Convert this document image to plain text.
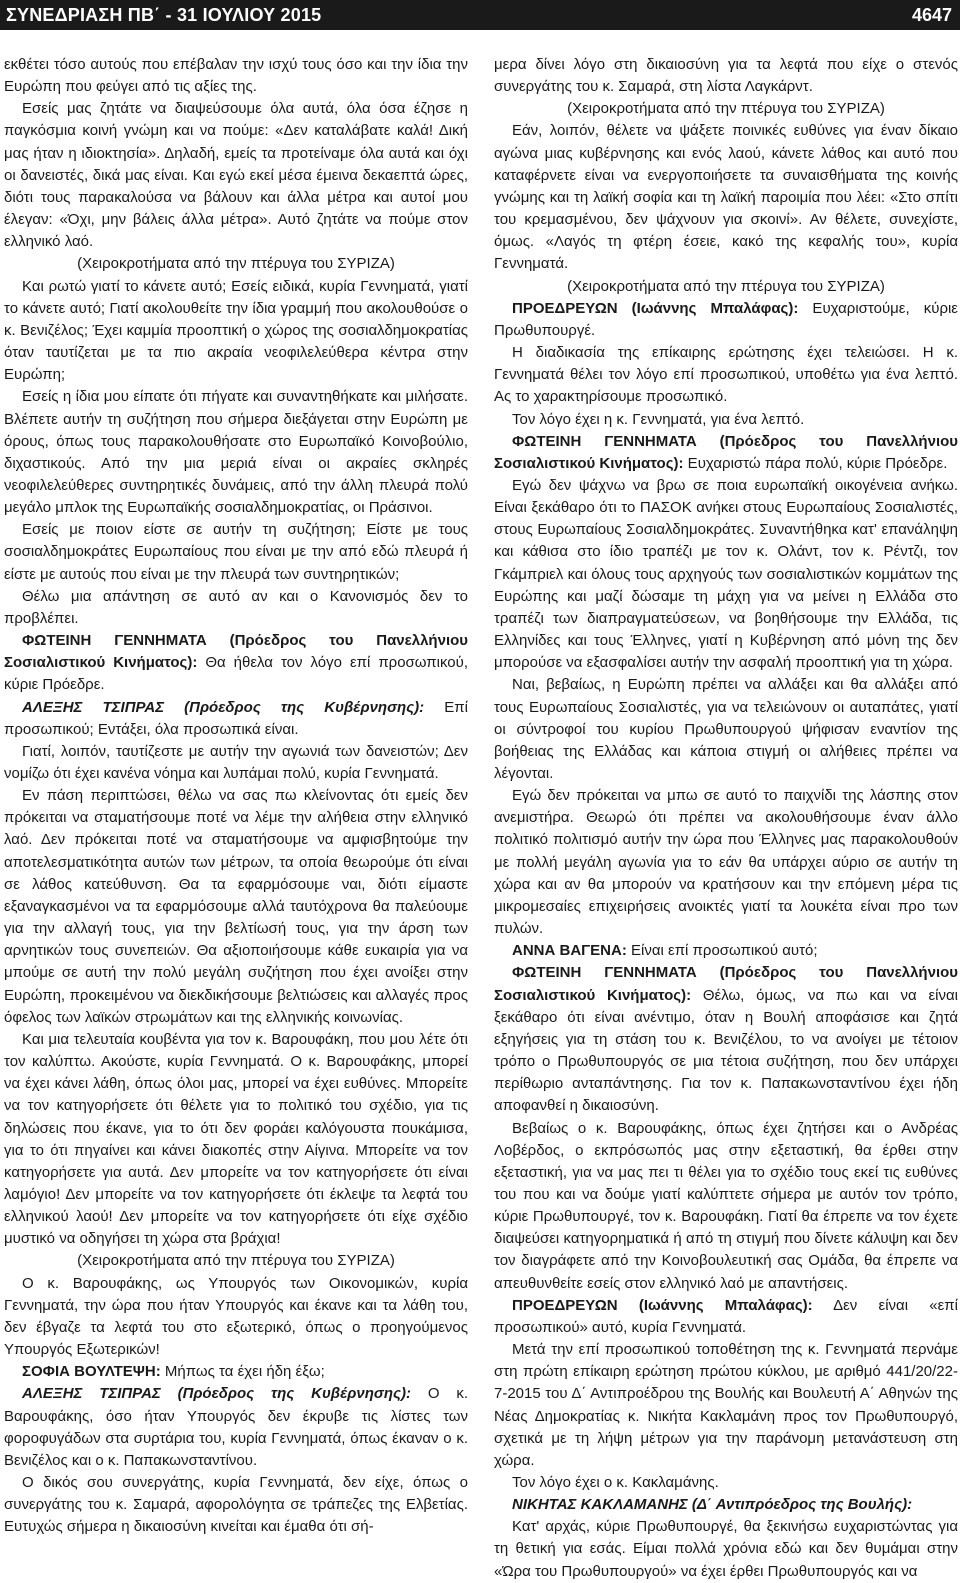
ΣΥΝΕΔΡΙΑΣΗ ΠΒ΄ - 31 ΙΟΥΛΙΟΥ 2015	4647

εκθέτει τόσο αυτούς που επέβαλαν την ισχύ τους όσο και την ίδια την Ευρώπη που φεύγει από τις αξίες της.

Εσείς μας ζητάτε να διαψεύσουμε όλα αυτά, όλα όσα έζησε η παγκόσμια κοινή γνώμη και να πούμε: «Δεν καταλάβατε καλά! Δική μας ήταν η ιδιοκτησία». Δηλαδή, εμείς τα προτείναμε όλα αυτά και όχι οι δανειστές, δικά μας είναι. Και εγώ εκεί μέσα έμεινα δεκαεπτά ώρες, διότι τους παρακαλούσα να βάλουν και άλλα μέτρα και αυτοί μου έλεγαν: «Όχι, μην βάλεις άλλα μέτρα». Αυτό ζητάτε να πούμε στον ελληνικό λαό.

(Χειροκροτήματα από την πτέρυγα του ΣΥΡΙΖΑ)

Και ρωτώ γιατί το κάνετε αυτό; Εσείς ειδικά, κυρία Γεννηματά, γιατί το κάνετε αυτό; Γιατί ακολουθείτε την ίδια γραμμή που ακολουθούσε ο κ. Βενιζέλος; Έχει καμμία προοπτική ο χώρος της σοσιαλδημοκρατίας όταν ταυτίζεται με τα πιο ακραία νεοφιλελεύθερα κέντρα στην Ευρώπη;

Εσείς η ίδια μου είπατε ότι πήγατε και συναντηθήκατε και μιλήσατε. Βλέπετε αυτήν τη συζήτηση που σήμερα διεξάγεται στην Ευρώπη με όρους, όπως τους παρακολουθήσατε στο Ευρωπαϊκό Κοινοβούλιο, διχαστικούς. Από την μια μεριά είναι οι ακραίες σκληρές νεοφιλελεύθερες συντηρητικές δυνάμεις, από την άλλη πλευρά πολύ μεγάλο μπλοκ της Ευρωπαϊκής σοσιαλδημοκρατίας, οι Πράσινοι.

Εσείς με ποιον είστε σε αυτήν τη συζήτηση; Είστε με τους σοσιαλδημοκράτες Ευρωπαίους που είναι με την από εδώ πλευρά ή είστε με αυτούς που είναι με την πλευρά των συντηρητικών;

Θέλω μια απάντηση σε αυτό αν και ο Κανονισμός δεν το προβλέπει.

ΦΩΤΕΙΝΗ ΓΕΝΝΗΜΑΤΑ (Πρόεδρος του Πανελλήνιου Σοσιαλιστικού Κινήματος): Θα ήθελα τον λόγο επί προσωπικού, κύριε Πρόεδρε.

ΑΛΕΞΗΣ ΤΣΙΠΡΑΣ (Πρόεδρος της Κυβέρνησης): Επί προσωπικού; Εντάξει, όλα προσωπικά είναι.

Γιατί, λοιπόν, ταυτίζεστε με αυτήν την αγωνιά των δανειστών; Δεν νομίζω ότι έχει κανένα νόημα και λυπάμαι πολύ, κυρία Γεννηματά.

Εν πάση περιπτώσει, θέλω να σας πω κλείνοντας ότι εμείς δεν πρόκειται να σταματήσουμε ποτέ να λέμε την αλήθεια στην ελληνικό λαό. Δεν πρόκειται ποτέ να σταματήσουμε να αμφισβητούμε την αποτελεσματικότητα αυτών των μέτρων, τα οποία θεωρούμε ότι είναι σε λάθος κατεύθυνση. Θα τα εφαρμόσουμε ναι, διότι είμαστε εξαναγκασμένοι να τα εφαρμόσουμε αλλά ταυτόχρονα θα παλεύουμε για την αλλαγή τους, για την βελτίωσή τους, για την άρση των αρνητικών τους συνεπειών. Θα αξιοποιήσουμε κάθε ευκαιρία για να μπούμε σε αυτή την πολύ μεγάλη συζήτηση που έχει ανοίξει στην Ευρώπη, προκειμένου να διεκδικήσουμε βελτιώσεις και αλλαγές προς όφελος των λαϊκών στρωμάτων και της ελληνικής κοινωνίας.

Και μια τελευταία κουβέντα για τον κ. Βαρουφάκη, που μου λέτε ότι τον καλύπτω. Ακούστε, κυρία Γεννηματά. Ο κ. Βαρουφάκης, μπορεί να έχει κάνει λάθη, όπως όλοι μας, μπορεί να έχει ευθύνες. Μπορείτε να τον κατηγορήσετε ότι θέλετε για το πολιτικό του σχέδιο, για τις δηλώσεις που έκανε, για το ότι δεν φοράει καλόγουστα πουκάμισα, για το ότι πηγαίνει και κάνει διακοπές στην Αίγινα. Μπορείτε να τον κατηγορήσετε για αυτά. Δεν μπορείτε να τον κατηγορήσετε ότι είναι λαμόγιο! Δεν μπορείτε να τον κατηγορήσετε ότι έκλεψε τα λεφτά του ελληνικού λαού! Δεν μπορείτε να τον κατηγορήσετε ότι είχε σχέδιο μυστικό να οδηγήσει τη χώρα στα βράχια!

(Χειροκροτήματα από την πτέρυγα του ΣΥΡΙΖΑ)

Ο κ. Βαρουφάκης, ως Υπουργός των Οικονομικών, κυρία Γεννηματά, την ώρα που ήταν Υπουργός και έκανε και τα λάθη του, δεν έβγαζε τα λεφτά του στο εξωτερικό, όπως ο προηγούμενος Υπουργός Εξωτερικών!

ΣΟΦΙΑ ΒΟΥΛΤΕΨΗ: Μήπως τα έχει ήδη έξω;

ΑΛΕΞΗΣ ΤΣΙΠΡΑΣ (Πρόεδρος της Κυβέρνησης): Ο κ. Βαρουφάκης, όσο ήταν Υπουργός δεν έκρυβε τις λίστες των φοροφυγάδων στα συρτάρια του, κυρία Γεννηματά, όπως έκαναν ο κ. Βενιζέλος και ο κ. Παπακωνσταντίνου.

Ο δικός σου συνεργάτης, κυρία Γεννηματά, δεν είχε, όπως ο συνεργάτης του κ. Σαμαρά, αφορολόγητα σε τράπεζες της Ελβετίας. Ευτυχώς σήμερα η δικαιοσύνη κινείται και έμαθα ότι σή-

μερα δίνει λόγο στη δικαιοσύνη για τα λεφτά που είχε ο στενός συνεργάτης του κ. Σαμαρά, στη λίστα Λαγκάρντ.

(Χειροκροτήματα από την πτέρυγα του ΣΥΡΙΖΑ)

Εάν, λοιπόν, θέλετε να ψάξετε ποινικές ευθύνες για έναν δίκαιο αγώνα μιας κυβέρνησης και ενός λαού, κάνετε λάθος και αυτό που καταφέρνετε είναι να ενεργοποιήσετε τα συναισθήματα της κοινής γνώμης και τη λαϊκή σοφία και τη λαϊκή παροιμία που λέει: «Στο σπίτι του κρεμασμένου, δεν ψάχνουν για σκοινί». Αν θέλετε, συνεχίστε, όμως. «Λαγός τη φτέρη έσειε, κακό της κεφαλής του», κυρία Γεννηματά.

(Χειροκροτήματα από την πτέρυγα του ΣΥΡΙΖΑ)

ΠΡΟΕΔΡΕΥΩΝ (Ιωάννης Μπαλάφας): Ευχαριστούμε, κύριε Πρωθυπουργέ.

Η διαδικασία της επίκαιρης ερώτησης έχει τελειώσει. Η κ. Γεννηματά θέλει τον λόγο επί προσωπικού, υποθέτω για ένα λεπτό. Ας το χαρακτηρίσουμε προσωπικό.

Τον λόγο έχει η κ. Γεννηματά, για ένα λεπτό.

ΦΩΤΕΙΝΗ ΓΕΝΝΗΜΑΤΑ (Πρόεδρος του Πανελλήνιου Σοσιαλιστικού Κινήματος): Ευχαριστώ πάρα πολύ, κύριε Πρόεδρε.

Εγώ δεν ψάχνω να βρω σε ποια ευρωπαϊκή οικογένεια ανήκω. Είναι ξεκάθαρο ότι το ΠΑΣΟΚ ανήκει στους Ευρωπαίους Σοσιαλιστές, στους Ευρωπαίους Σοσιαλδημοκράτες. Συναντήθηκα κατ' επανάληψη και κάθισα στο ίδιο τραπέζι με τον κ. Ολάντ, τον κ. Ρέντζι, τον Γκάμπριελ και όλους τους αρχηγούς των σοσιαλιστικών κομμάτων της Ευρώπης και μαζί δώσαμε τη μάχη για να μείνει η Ελλάδα στο τραπέζι των διαπραγματεύσεων, να βοηθήσουμε την Ελλάδα, τις Ελληνίδες και τους Έλληνες, γιατί η Κυβέρνηση από μόνη της δεν μπορούσε να εξασφαλίσει αυτήν την ασφαλή προοπτική για τη χώρα.

Ναι, βεβαίως, η Ευρώπη πρέπει να αλλάξει και θα αλλάξει από τους Ευρωπαίους Σοσιαλιστές, για να τελειώνουν οι αυταπάτες, γιατί οι σύντροφοί του κυρίου Πρωθυπουργού ψήφισαν εναντίον της βοήθειας της Ελλάδας και κάποια στιγμή οι αλήθειες πρέπει να λέγονται.

Εγώ δεν πρόκειται να μπω σε αυτό το παιχνίδι της λάσπης στον ανεμιστήρα. Θεωρώ ότι πρέπει να ακολουθήσουμε έναν άλλο πολιτικό πολιτισμό αυτήν την ώρα που Έλληνες μας παρακολουθούν με πολλή μεγάλη αγωνία για το εάν θα υπάρχει αύριο σε αυτήν τη χώρα και αν θα μπορούν να κρατήσουν και την επόμενη μέρα τις μικρομεσαίες επιχειρήσεις ανοικτές γιατί τα λουκέτα είναι προ των πυλών.

ΑΝΝΑ ΒΑΓΕΝΑ: Είναι επί προσωπικού αυτό;

ΦΩΤΕΙΝΗ ΓΕΝΝΗΜΑΤΑ (Πρόεδρος του Πανελλήνιου Σοσιαλιστικού Κινήματος): Θέλω, όμως, να πω και να είναι ξεκάθαρο ότι είναι ανέντιμο, όταν η Βουλή αποφάσισε και ζητά εξηγήσεις για τη στάση του κ. Βενιζέλου, το να ανοίγει με τέτοιον τρόπο ο Πρωθυπουργός σε μια τέτοια συζήτηση, που δεν υπάρχει περίθωριο ανταπάντησης. Για τον κ. Παπακωνσταντίνου έχει ήδη αποφανθεί η δικαιοσύνη.

Βεβαίως ο κ. Βαρουφάκης, όπως έχει ζητήσει και ο Ανδρέας Λοβέρδος, ο εκπρόσωπός μας στην εξεταστική, θα έρθει στην εξεταστική, για να μας πει τι θέλει για το σχέδιο τους εκεί τις ευθύνες του που και να δούμε γιατί καλύπτετε σήμερα με αυτόν τον τρόπο, κύριε Πρωθυπουργέ, τον κ. Βαρουφάκη. Γιατί θα έπρεπε να τον έχετε διαψεύσει κατηγορηματικά ή από τη στιγμή που δίνετε κάλυψη και δεν τον διαγράφετε από την Κοινοβουλευτική σας Ομάδα, θα έπρεπε να απευθυνθείτε εσείς στον ελληνικό λαό με απαντήσεις.

ΠΡΟΕΔΡΕΥΩΝ (Ιωάννης Μπαλάφας): Δεν είναι «επί προσωπικού» αυτό, κυρία Γεννηματά.

Μετά την επί προσωπικού τοποθέτηση της κ. Γεννηματά περνάμε στη πρώτη επίκαιρη ερώτηση πρώτου κύκλου, με αριθμό 441/20/22-7-2015 του Δ΄ Αντιπροέδρου της Βουλής και Βουλευτή Α΄ Αθηνών της Νέας Δημοκρατίας κ. Νικήτα Κακλαμάνη προς τον Πρωθυπουργό, σχετικά με τη λήψη μέτρων για την παράνομη μετανάστευση στη χώρα.

Τον λόγο έχει ο κ. Κακλαμάνης.

ΝΙΚΗΤΑΣ ΚΑΚΛΑΜΑΝΗΣ (Δ΄ Αντιπρόεδρος της Βουλής):

Κατ' αρχάς, κύριε Πρωθυπουργέ, θα ξεκινήσω ευχαριστώντας για τη θετική για εσάς. Είμαι πολλά χρόνια εδώ και δεν θυμάμαι στην «Ώρα του Πρωθυπουργού» να έχει έρθει Πρωθυπουργός και να
